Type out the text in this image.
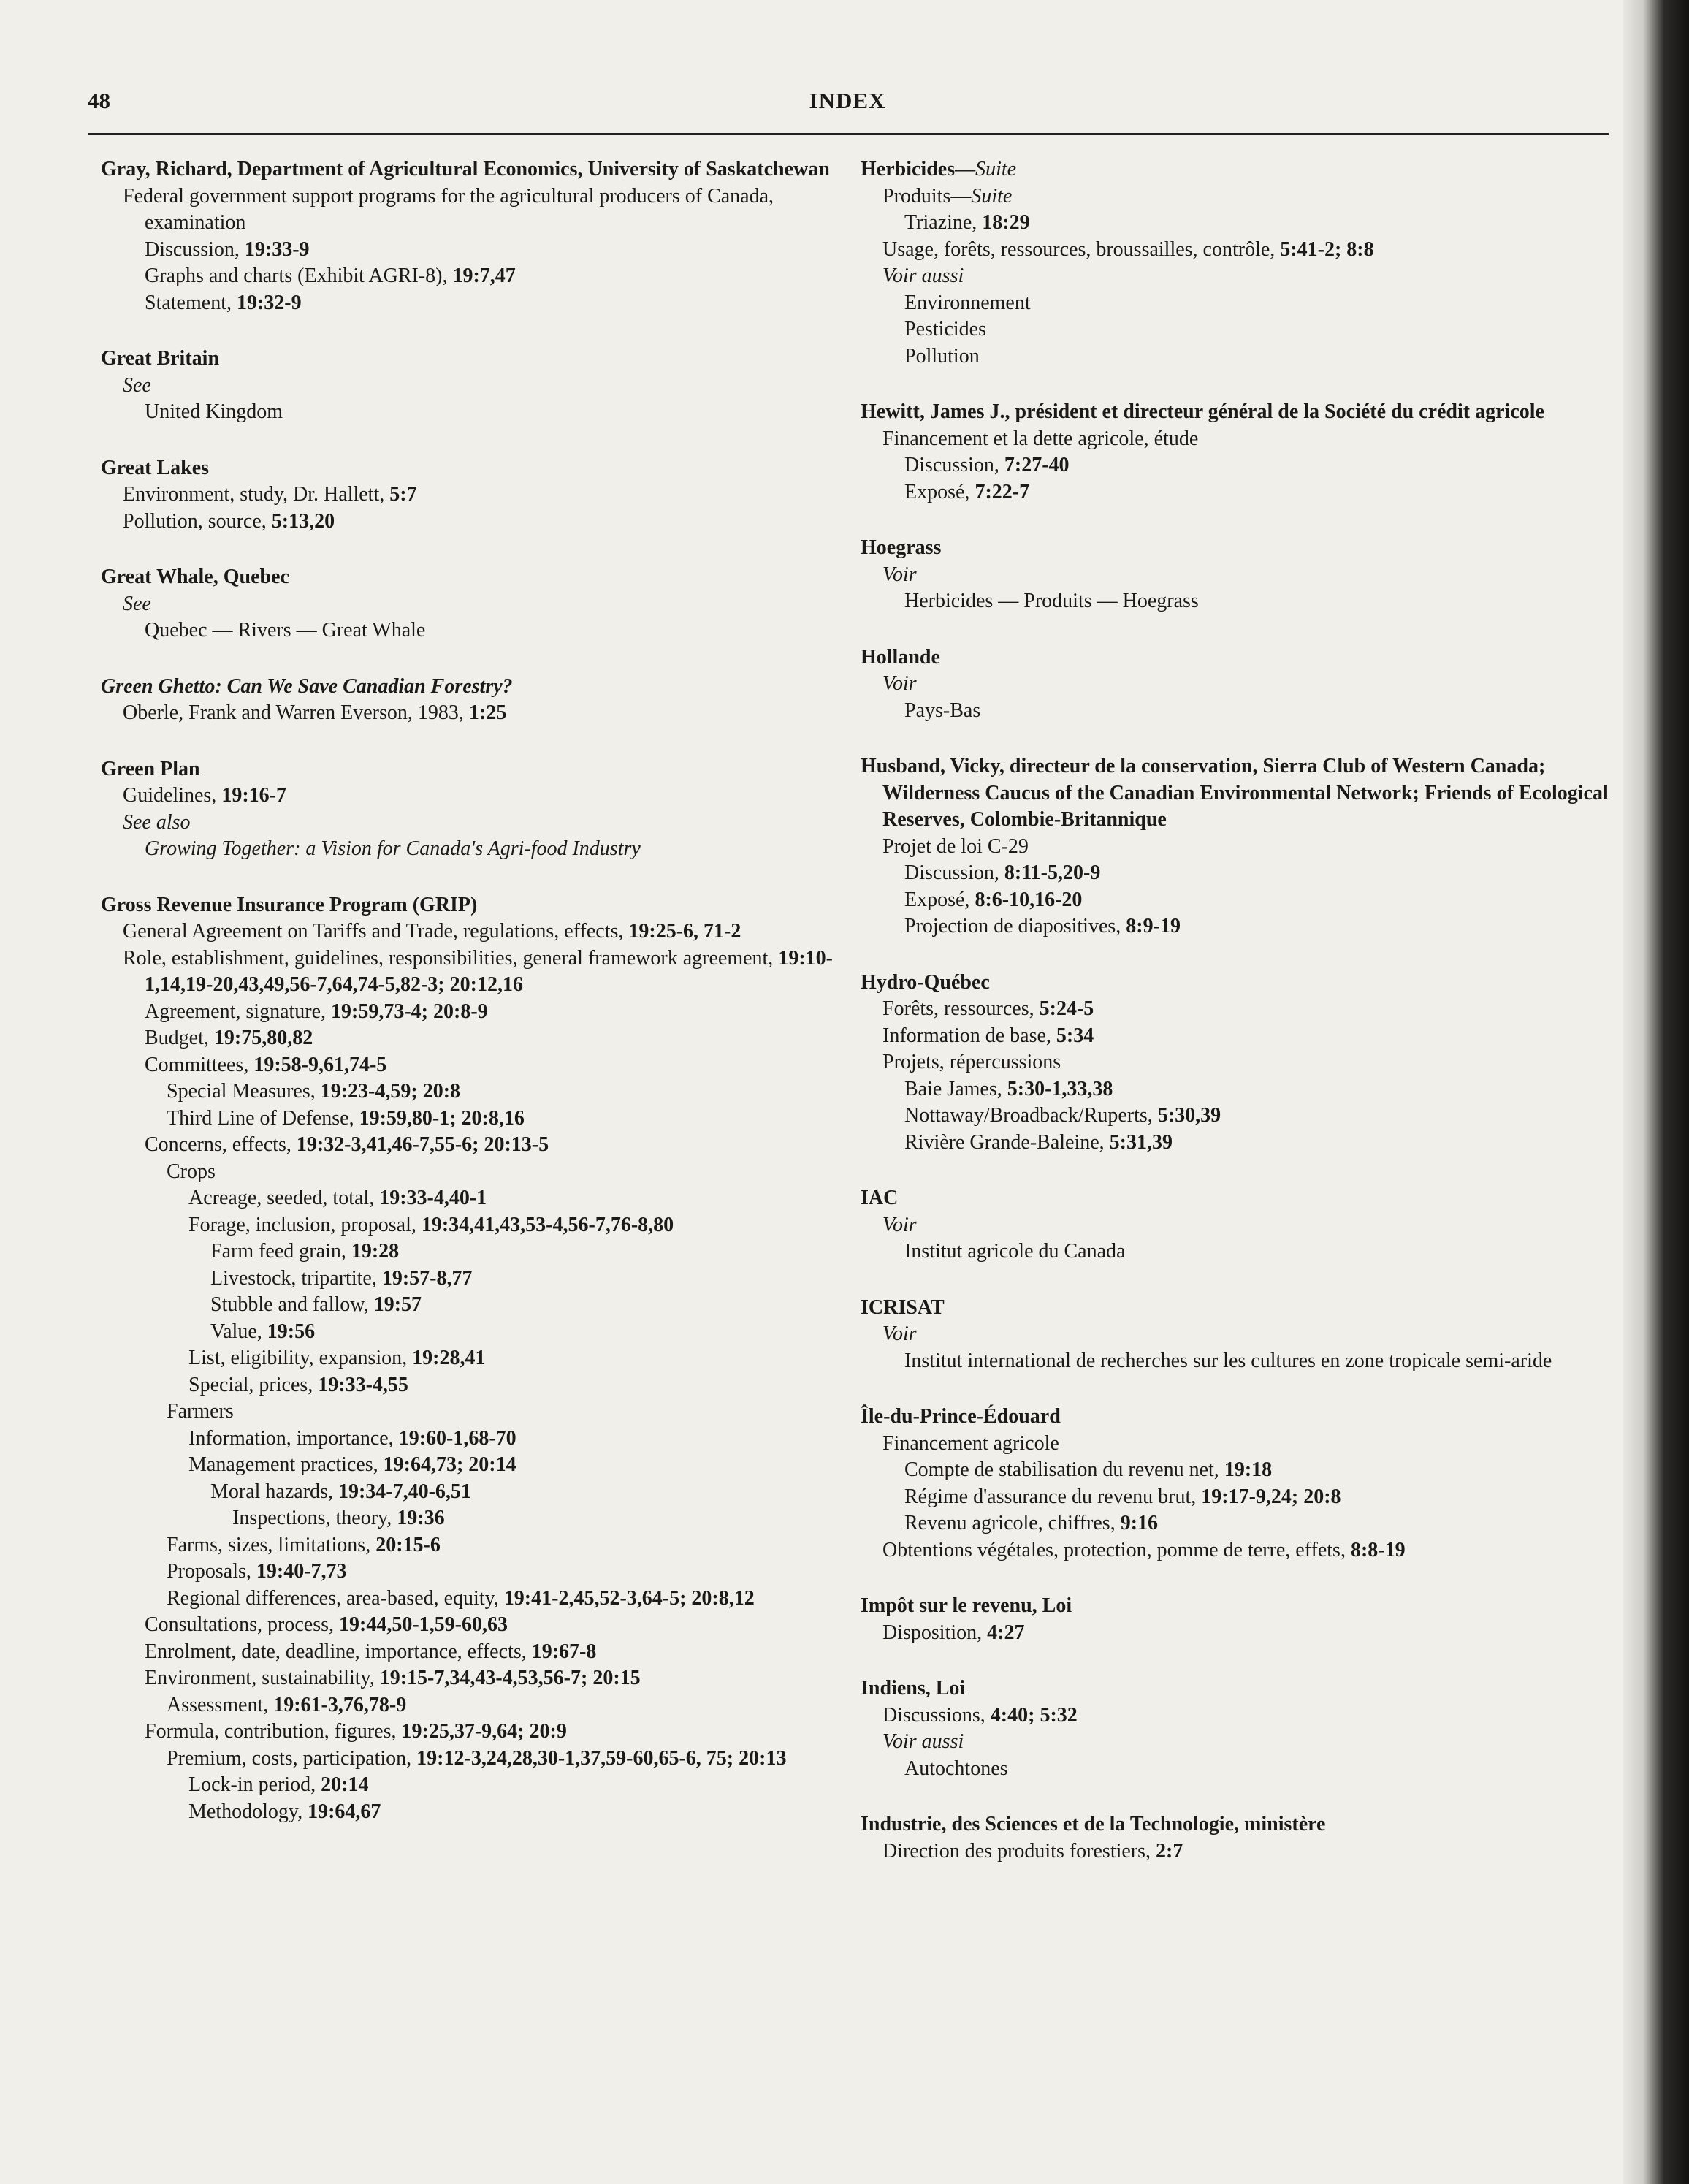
48	INDEX
Gray, Richard, Department of Agricultural Economics, University of Saskatchewan
Federal government support programs for the agricultural producers of Canada, examination
Discussion, 19:33-9
Graphs and charts (Exhibit AGRI-8), 19:7,47
Statement, 19:32-9
Great Britain
See
United Kingdom
Great Lakes
Environment, study, Dr. Hallett, 5:7
Pollution, source, 5:13,20
Great Whale, Quebec
See
Quebec — Rivers — Great Whale
Green Ghetto: Can We Save Canadian Forestry?
Oberle, Frank and Warren Everson, 1983, 1:25
Green Plan
Guidelines, 19:16-7
See also
Growing Together: a Vision for Canada's Agri-food Industry
Gross Revenue Insurance Program (GRIP)
General Agreement on Tariffs and Trade, regulations, effects, 19:25-6, 71-2
Role, establishment, guidelines, responsibilities, general framework agreement, 19:10-1,14,19-20,43,49,56-7,64,74-5,82-3; 20:12,16
Agreement, signature, 19:59,73-4; 20:8-9
Budget, 19:75,80,82
Committees, 19:58-9,61,74-5
Special Measures, 19:23-4,59; 20:8
Third Line of Defense, 19:59,80-1; 20:8,16
Concerns, effects, 19:32-3,41,46-7,55-6; 20:13-5
Crops
Acreage, seeded, total, 19:33-4,40-1
Forage, inclusion, proposal, 19:34,41,43,53-4,56-7,76-8,80
Farm feed grain, 19:28
Livestock, tripartite, 19:57-8,77
Stubble and fallow, 19:57
Value, 19:56
List, eligibility, expansion, 19:28,41
Special, prices, 19:33-4,55
Farmers
Information, importance, 19:60-1,68-70
Management practices, 19:64,73; 20:14
Moral hazards, 19:34-7,40-6,51
Inspections, theory, 19:36
Farms, sizes, limitations, 20:15-6
Proposals, 19:40-7,73
Regional differences, area-based, equity, 19:41-2,45,52-3,64-5; 20:8,12
Consultations, process, 19:44,50-1,59-60,63
Enrolment, date, deadline, importance, effects, 19:67-8
Environment, sustainability, 19:15-7,34,43-4,53,56-7; 20:15
Assessment, 19:61-3,76,78-9
Formula, contribution, figures, 19:25,37-9,64; 20:9
Premium, costs, participation, 19:12-3,24,28,30-1,37,59-60,65-6, 75; 20:13
Lock-in period, 20:14
Methodology, 19:64,67
Herbicides—Suite
Produits—Suite
Triazine, 18:29
Usage, forêts, ressources, broussailles, contrôle, 5:41-2; 8:8
Voir aussi
Environnement
Pesticides
Pollution
Hewitt, James J., président et directeur général de la Société du crédit agricole
Financement et la dette agricole, étude
Discussion, 7:27-40
Exposé, 7:22-7
Hoegrass
Voir
Herbicides — Produits — Hoegrass
Hollande
Voir
Pays-Bas
Husband, Vicky, directeur de la conservation, Sierra Club of Western Canada; Wilderness Caucus of the Canadian Environmental Network; Friends of Ecological Reserves, Colombie-Britannique
Projet de loi C-29
Discussion, 8:11-5,20-9
Exposé, 8:6-10,16-20
Projection de diapositives, 8:9-19
Hydro-Québec
Forêts, ressources, 5:24-5
Information de base, 5:34
Projets, répercussions
Baie James, 5:30-1,33,38
Nottaway/Broadback/Ruperts, 5:30,39
Rivière Grande-Baleine, 5:31,39
IAC
Voir
Institut agricole du Canada
ICRISAT
Voir
Institut international de recherches sur les cultures en zone tropicale semi-aride
Île-du-Prince-Édouard
Financement agricole
Compte de stabilisation du revenu net, 19:18
Régime d'assurance du revenu brut, 19:17-9,24; 20:8
Revenu agricole, chiffres, 9:16
Obtentions végétales, protection, pomme de terre, effets, 8:8-19
Impôt sur le revenu, Loi
Disposition, 4:27
Indiens, Loi
Discussions, 4:40; 5:32
Voir aussi
Autochtones
Industrie, des Sciences et de la Technologie, ministère
Direction des produits forestiers, 2:7
